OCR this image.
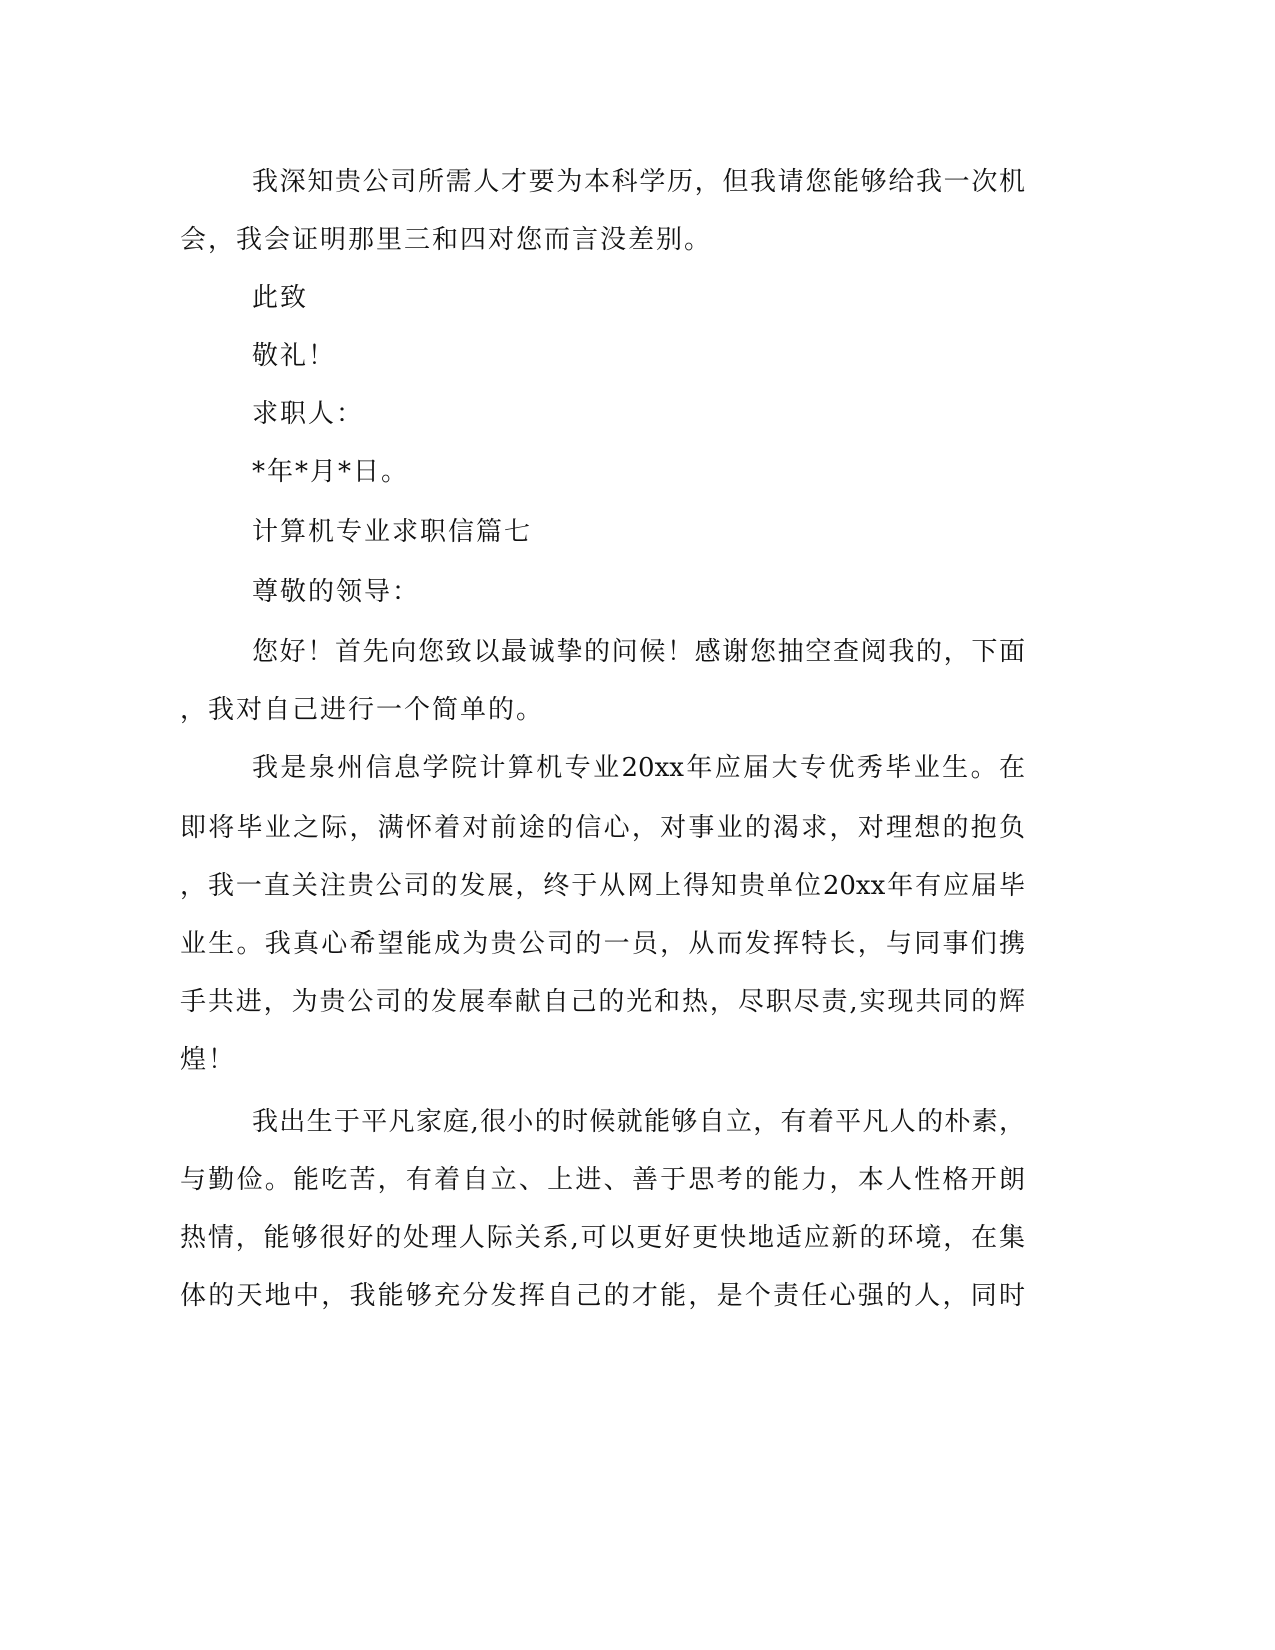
我深知贵公司所需人才要为本科学历，但我请您能够给我一次机
会，我会证明那里三和四对您而言没差别。
此致
敬礼！
求职人：
*年*月*日。
计算机专业求职信篇七
尊敬的领导：
您好！首先向您致以最诚挚的问候！感谢您抽空查阅我的，下面
，我对自己进行一个简单的。
我是泉州信息学院计算机专业20xx年应届大专优秀毕业生。在
即将毕业之际，满怀着对前途的信心，对事业的渴求，对理想的抱负
，我一直关注贵公司的发展，终于从网上得知贵单位20xx年有应届毕
业生。我真心希望能成为贵公司的一员，从而发挥特长，与同事们携
手共进，为贵公司的发展奉献自己的光和热，尽职尽责,实现共同的辉
煌！
我出生于平凡家庭,很小的时候就能够自立，有着平凡人的朴素，
与勤俭。能吃苦，有着自立、上进、善于思考的能力，本人性格开朗
热情，能够很好的处理人际关系,可以更好更快地适应新的环境，在集
体的天地中，我能够充分发挥自己的才能，是个责任心强的人，同时
